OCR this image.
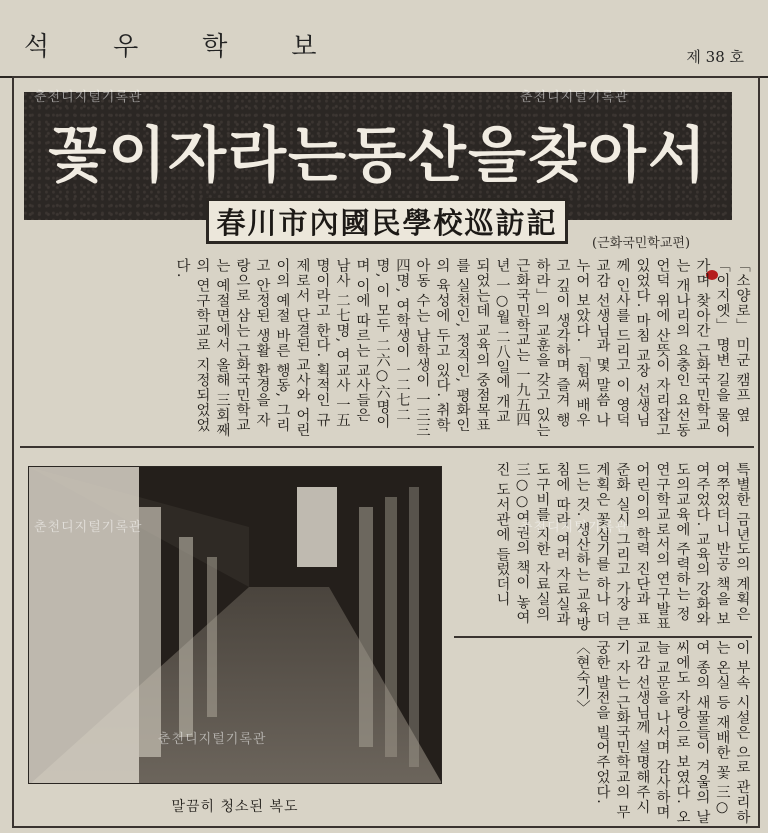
석우학보	제 38 호
꽃이자라는동산을찾아서
春川市內國民學校巡訪記
(근화국민학교편)
「소양로」 미군 캠프 옆 「이지엣」 명변 길을 물어 가며 찾아간 근화국민학교는 개나리의 요충인 요선동 언덕 위에 산뜻이 자리잡고 있었다. 마침 교장 선생님께 인사를 드리고 이 영덕 교감 선생님과 몇 말씀 나누어 보았다. 「힘써 배우고 깊이 생각하며 즐겨 행하라」의 교훈을 갖고 있는 근화국민학교는 一九五四년 一○월 二八일에 개교되었는데 교육의 중점목표를 실천인, 정직인, 평화인의 육성에 두고 있다. 취학 아동 수는 남학생이 一三三四명, 여학생이 一二七二명, 이 모두 二六○六명이며 이에 따르는 교사들은 남사 二七명, 여교사 一五명이라고 한다. 획적인 규제로서 단결된 교사와 어린이의 예절 바른 행동, 그리고 안정된 생활 환경을 자랑으로 삼는 근화국민학교는 예절면에서 올해 三회째의 연구학교로 지정되었었다.
특별한 금년도의 계획은 여쭈었더니 반공 책을 보여주었다. 교육의 강화와 도의교육에 주력하는 정 연구학교로서의 연구발표 어린이의 학력 진단과 표준화 실시 그리고 가장 큰 계획은 꽃심기를 하나 더 드는 것. 생산하는 교육방침에 따라 여러 자료실과 도구비를 지한 자료실의 三○○여권의 책이 놓여진 도서관에 들렀더니
이 부속 시설은 으로 관리하는 온실 등 재배한 꽃 三○여 종의 새물들이 겨울의 날씨에도 자랑으로 보였다. 오늘 교문을 나서며 감사하며 교감 선생님께 설명해주시기 자는 근화국민학교의 무궁한 발전을 빌어주었다. 〈현숙기〉
말끔히 청소된 복도
춘천디지털기록관	춘천디지털기록관
춘천디지털기록관	춘천디지털기록관
춘천디지털기록관
